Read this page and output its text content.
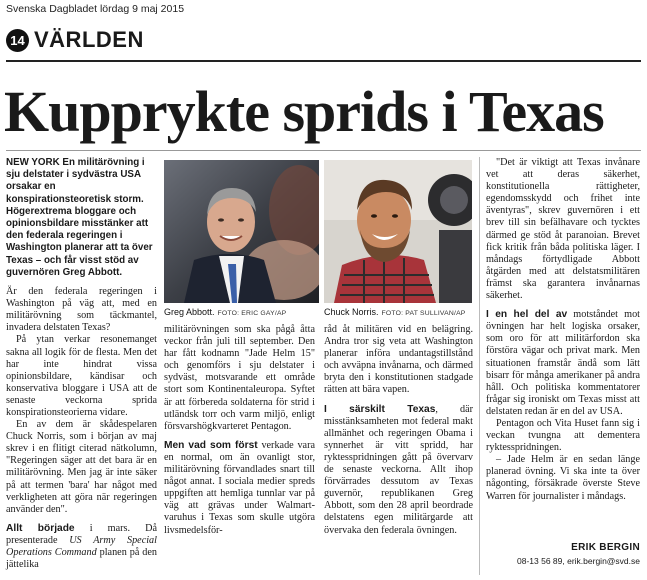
Svenska Dagbladet lördag 9 maj 2015
14 VÄRLDEN
Kupprykte sprids i Texas

NEW YORK En militärövning i sju delstater i sydvästra USA orsakar en konspirationsteoretisk storm. Högerextrema bloggare och opinionsbildare misstänker att den federala regeringen i Washington planerar att ta över Texas – och får visst stöd av guvernören Greg Abbott.

Är den federala regeringen i Washington på väg att, med en militärövning som täckmantel, invadera delstaten Texas?

På ytan verkar resonemanget sakna all logik för de flesta. Men det har inte hindrat vissa opinionsbildare, kändisar och konservativa bloggare i USA att de senaste veckorna sprida konspirationsteorierna vidare.

En av dem är skådespelaren Chuck Norris, som i början av maj skrev i en flitigt citerad nätkolumn, "Regeringen säger att det bara är en militärövning. Men jag är inte säker på att termen 'bara' har något med verkligheten att göra när regeringen använder den".

Allt började i mars. Då presenterade US Army Special Operations Command planen på den jättelika

Greg Abbott. FOTO: ERIC GAY/AP	Chuck Norris. FOTO: PAT SULLIVAN/AP

militärövningen som ska pågå åtta veckor från juli till september. Den har fått kodnamn "Jade Helm 15" och genomförs i sju delstater i sydväst, motsvarande ett område stort som Kontinentaleuropa. Syftet är att förbereda soldaterna för strid i utländsk torr och varm miljö, enligt försvarshögkvarteret Pentagon.

Men vad som först verkade vara en normal, om än ovanligt stor, militärövning förvandlades snart till något annat. I sociala medier spreds uppgiften att hemliga tunnlar var på väg att grävas under Walmart-varuhus i Texas som skulle utgöra livsmedelsför-

råd åt militären vid en belägring. Andra tror sig veta att Washington planerar införa undantagstillstånd och avväpna invånarna, och därmed bryta den i konstitutionen stadgade rätten att bära vapen.

I särskilt Texas, där misstänksamheten mot federal makt allmänhet och regeringen Obama i synnerhet är vitt spridd, har ryktesspridningen gått på övervarv de senaste veckorna. Allt ihop förvärrades dessutom av Texas guvernör, republikanen Greg Abbott, som den 28 april beordrade delstatens egen militärgarde att övervaka den federala övningen.

"Det är viktigt att Texas invånare vet att deras säkerhet, konstitutionella rättigheter, egendomsskydd och frihet inte äventyras", skrev guvernören i ett brev till sin befälhavare och tycktes därmed ge stöd åt paranoian. Brevet fick kritik från båda politiska läger. I måndags förtydligade Abbott åtgärden med att delstatsmilitären främst ska garantera invånarnas säkerhet.

I en hel del av motståndet mot övningen har helt logiska orsaker, som oro för att militärfordon ska förstöra vägar och privat mark. Men situationen framstår ändå som lätt bisarr för många amerikaner på andra håll. Och politiska kommentatorer frågar sig ironiskt om Texas misst att delstaten redan är en del av USA.

Pentagon och Vita Huset fann sig i veckan tvungna att dementera ryktesspridningen.

– Jade Helm är en sedan länge planerad övning. Vi ska inte ta över någonting, försäkrade överste Steve Warren för journalister i måndags.

ERIK BERGIN
08-13 56 89, erik.bergin@svd.se
